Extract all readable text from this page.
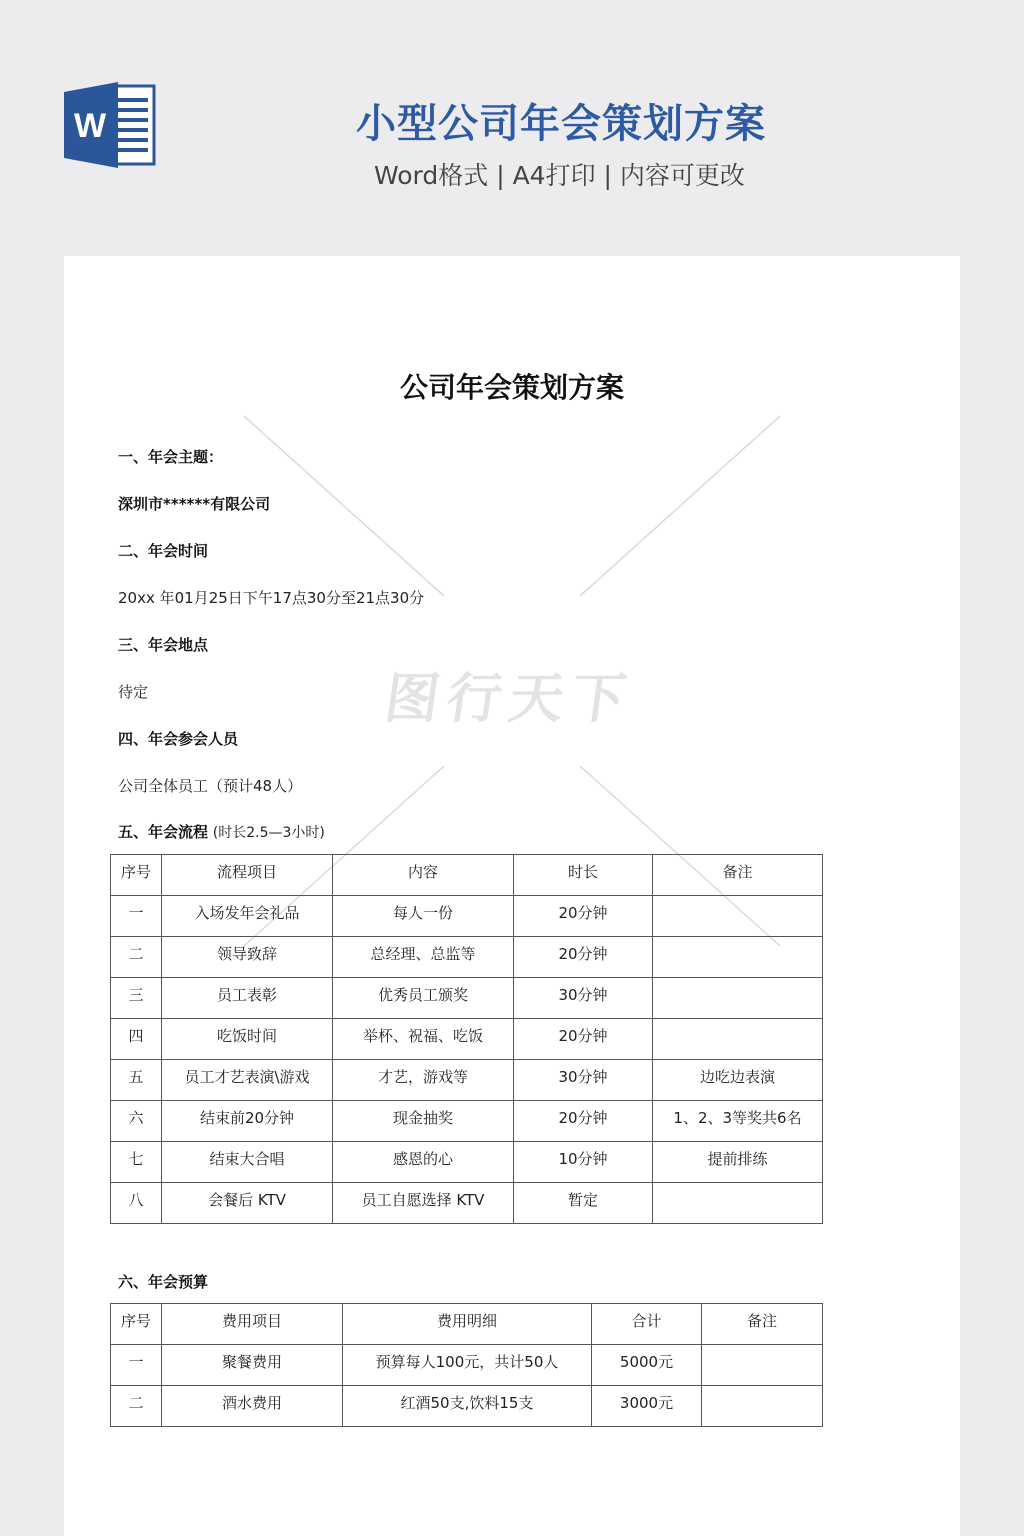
W	小型公司年会策划方案
Word格式 | A4打印 | 内容可更改
图行天下
公司年会策划方案
一、年会主题：
深圳市******有限公司
二、年会时间
20xx 年01月25日下午17点30分至21点30分
三、年会地点
待定
四、年会参会人员
公司全体员工（预计48人）
五、年会流程 (时长2.5—3小时)
序号	流程项目	内容	时长	备注
一	入场发年会礼品	每人一份	20分钟	
二	领导致辞	总经理、总监等	20分钟	
三	员工表彰	优秀员工颁奖	30分钟	
四	吃饭时间	举杯、祝福、吃饭	20分钟	
五	员工才艺表演\游戏	才艺，游戏等	30分钟	边吃边表演
六	结束前20分钟	现金抽奖	20分钟	1、2、3等奖共6名
七	结束大合唱	感恩的心	10分钟	提前排练
八	会餐后 KTV	员工自愿选择 KTV	暂定	
六、年会预算
序号	费用项目	费用明细	合计	备注
一	聚餐费用	预算每人100元，共计50人	5000元	
二	酒水费用	红酒50支,饮料15支	3000元	
